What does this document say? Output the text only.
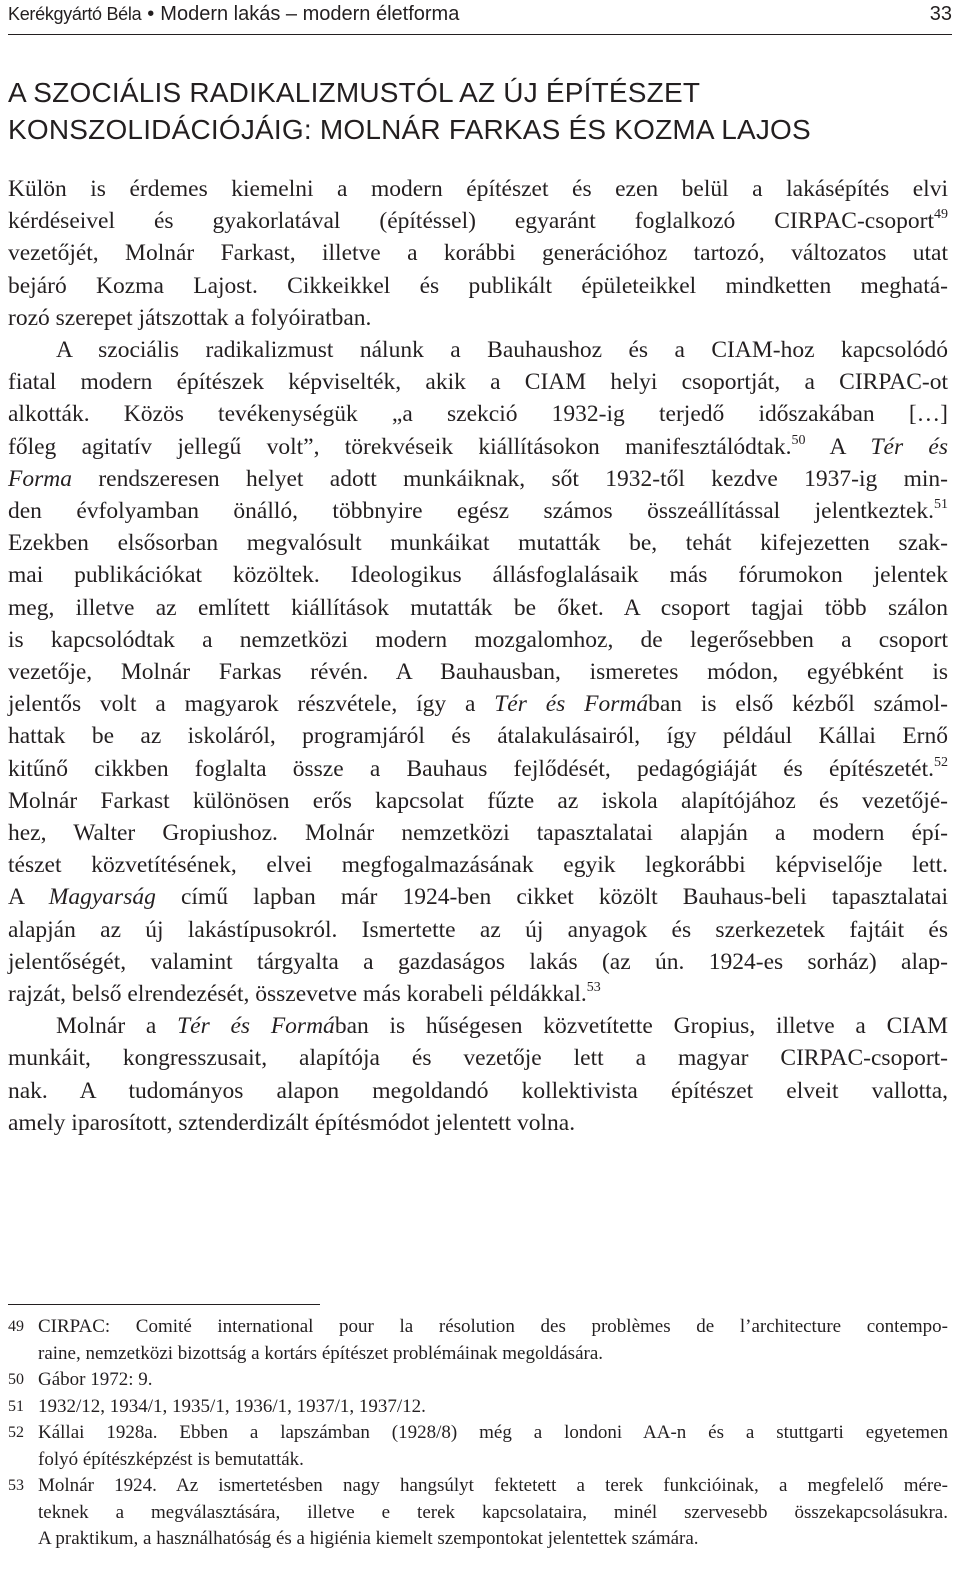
Kerékgyártó Béla • Modern lakás – modern életforma	33
A SZOCIÁLIS RADIKALIZMUSTÓL AZ ÚJ ÉPÍTÉSZET
KONSZOLIDÁCIÓJÁIG: MOLNÁR FARKAS ÉS KOZMA LAJOS
Külön is érdemes kiemelni a modern építészet és ezen belül a lakásépítés elvi
kérdéseivel és gyakorlatával (építéssel) egyaránt foglalkozó CIRPAC-csoport$^{49}$
vezetőjét, Molnár Farkast, illetve a korábbi generációhoz tartozó, változatos utat
bejáró Kozma Lajost. Cikkeikkel és publikált épületeikkel mindketten meghatá-
rozó szerepet játszottak a folyóiratban.
A szociális radikalizmust nálunk a Bauhaushoz és a CIAM-hoz kapcsolódó
fiatal modern építészek képviselték, akik a CIAM helyi csoportját, a CIRPAC-ot
alkották. Közös tevékenységük „a szekció 1932-ig terjedő időszakában […]
főleg agitatív jellegű volt”, törekvéseik kiállításokon manifesztálódtak.$^{50}$ A Tér és
Forma rendszeresen helyet adott munkáiknak, sőt 1932-től kezdve 1937-ig min-
den évfolyamban önálló, többnyire egész számos összeállítással jelentkeztek.$^{51}$
Ezekben elsősorban megvalósult munkáikat mutatták be, tehát kifejezetten szak-
mai publikációkat közöltek. Ideologikus állásfoglalásaik más fórumokon jelentek
meg, illetve az említett kiállítások mutatták be őket. A csoport tagjai több szálon
is kapcsolódtak a nemzetközi modern mozgalomhoz, de legerősebben a csoport
vezetője, Molnár Farkas révén. A Bauhausban, ismeretes módon, egyébként is
jelentős volt a magyarok részvétele, így a Tér és Formában is első kézből számol-
hattak be az iskoláról, programjáról és átalakulásairól, így például Kállai Ernő
kitűnő cikkben foglalta össze a Bauhaus fejlődését, pedagógiáját és építészetét.$^{52}$
Molnár Farkast különösen erős kapcsolat fűzte az iskola alapítójához és vezetőjé-
hez, Walter Gropiushoz. Molnár nemzetközi tapasztalatai alapján a modern épí-
tészet közvetítésének, elvei megfogalmazásának egyik legkorábbi képviselője lett.
A Magyarság című lapban már 1924-ben cikket közölt Bauhaus-beli tapasztalatai
alapján az új lakástípusokról. Ismertette az új anyagok és szerkezetek fajtáit és
jelentőségét, valamint tárgyalta a gazdaságos lakás (az ún. 1924-es sorház) alap-
rajzát, belső elrendezését, összevetve más korabeli példákkal.$^{53}$
Molnár a Tér és Formában is hűségesen közvetítette Gropius, illetve a CIAM
munkáit, kongresszusait, alapítója és vezetője lett a magyar CIRPAC-csoport-
nak. A tudományos alapon megoldandó kollektivista építészet elveit vallotta,
amely iparosított, sztenderdizált építésmódot jelentett volna.
49 CIRPAC: Comité international pour la résolution des problèmes de l’architecture contempo-
raine, nemzetközi bizottság a kortárs építészet problémáinak megoldására.
50 Gábor 1972: 9.
51 1932/12, 1934/1, 1935/1, 1936/1, 1937/1, 1937/12.
52 Kállai 1928a. Ebben a lapszámban (1928/8) még a londoni AA-n és a stuttgarti egyetemen
folyó építészképzést is bemutatták.
53 Molnár 1924. Az ismertetésben nagy hangsúlyt fektetett a terek funkcióinak, a megfelelő mére-
teknek a megválasztására, illetve e terek kapcsolataira, minél szervesebb összekapcsolásukra.
A praktikum, a használhatóság és a higiénia kiemelt szempontokat jelentettek számára.
